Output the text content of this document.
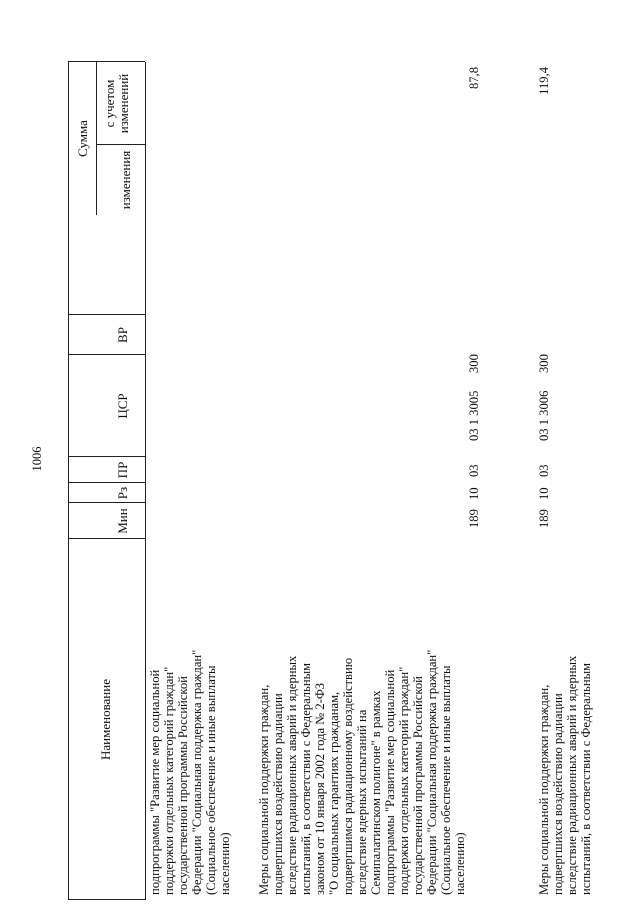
1006
Наименование
Мин
Рз
ПР
ЦСР
ВР
Сумма
изменения
с учетом изменений
подпрограммы "Развитие мер социальной поддержки отдельных категорий граждан" государственной программы Российской Федерации "Социальная поддержка граждан" (Социальное обеспечение и иные выплаты населению) Меры социальной поддержки граждан, подвергшихся воздействию радиации вследствие радиационных аварий и ядерных испытаний, в соответствии с Федеральным законом от 10 января 2002 года № 2-ФЗ "О социальных гарантиях гражданам, подвергшимся радиационному воздействию вследствие ядерных испытаний на Семипалатинском полигоне" в рамках подпрограммы "Развитие мер социальной поддержки отдельных категорий граждан" государственной программы Российской Федерации "Социальная поддержка граждан" (Социальное обеспечение и иные выплаты населению)
189
10
03
03 1 3005
300
87,8
Меры социальной поддержки граждан, подвергшихся воздействию радиации вследствие радиационных аварий и ядерных испытаний, в соответствии с Федеральным
189
10
03
03 1 3006
300
119,4
